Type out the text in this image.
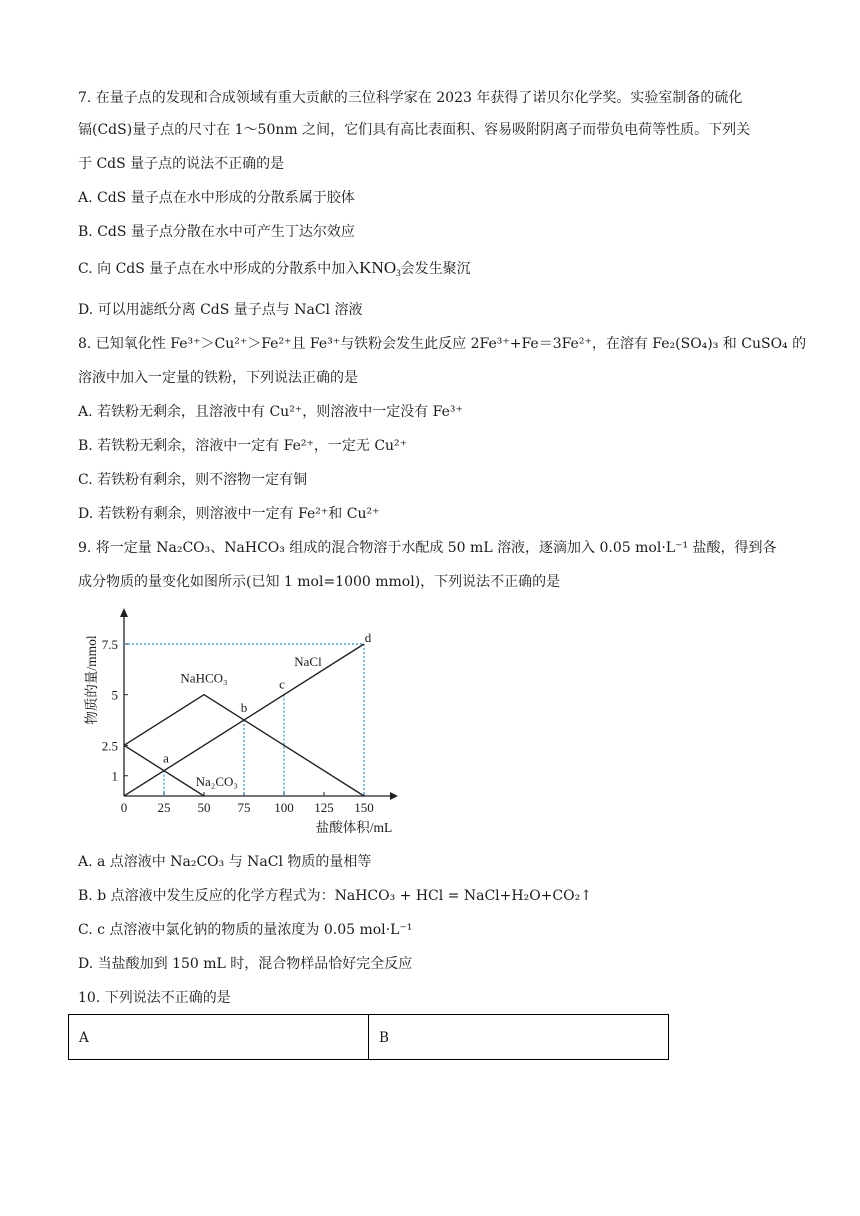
7. 在量子点的发现和合成领域有重大贡献的三位科学家在 2023 年获得了诺贝尔化学奖。实验室制备的硫化
镉(CdS)量子点的尺寸在 1～50nm 之间，它们具有高比表面积、容易吸附阴离子而带负电荷等性质。下列关
于 CdS 量子点的说法不正确的是
A. CdS 量子点在水中形成的分散系属于胶体
B. CdS 量子点分散在水中可产生丁达尔效应
C. 向 CdS 量子点在水中形成的分散系中加入$KNO_3$会发生聚沉
D. 可以用滤纸分离 CdS 量子点与 NaCl 溶液
8. 已知氧化性 Fe³⁺＞Cu²⁺＞Fe²⁺且 Fe³⁺与铁粉会发生此反应 2Fe³⁺+Fe＝3Fe²⁺，在溶有 Fe₂(SO₄)₃ 和 CuSO₄ 的
溶液中加入一定量的铁粉，下列说法正确的是
A. 若铁粉无剩余，且溶液中有 Cu²⁺，则溶液中一定没有 Fe³⁺
B. 若铁粉无剩余，溶液中一定有 Fe²⁺，一定无 Cu²⁺
C. 若铁粉有剩余，则不溶物一定有铜
D. 若铁粉有剩余，则溶液中一定有 Fe²⁺和 Cu²⁺
9. 将一定量 Na₂CO₃、NaHCO₃ 组成的混合物溶于水配成 50 mL 溶液，逐滴加入 0.05 mol·L⁻¹ 盐酸，得到各
成分物质的量变化如图所示(已知 1 mol=1000 mmol)，下列说法不正确的是
0 25 50 75 100 125 150
1
2.5
5
7.5
NaHCO₃
Na₂CO₃
NaCl
a
b
c
d
盐酸体积/mL
物质的量/mmol
A. a 点溶液中 Na₂CO₃ 与 NaCl 物质的量相等
B. b 点溶液中发生反应的化学方程式为：NaHCO₃ + HCl = NaCl+H₂O+CO₂↑
C. c 点溶液中氯化钠的物质的量浓度为 0.05 mol·L⁻¹
D. 当盐酸加到 150 mL 时，混合物样品恰好完全反应
10. 下列说法不正确的是
A	B
